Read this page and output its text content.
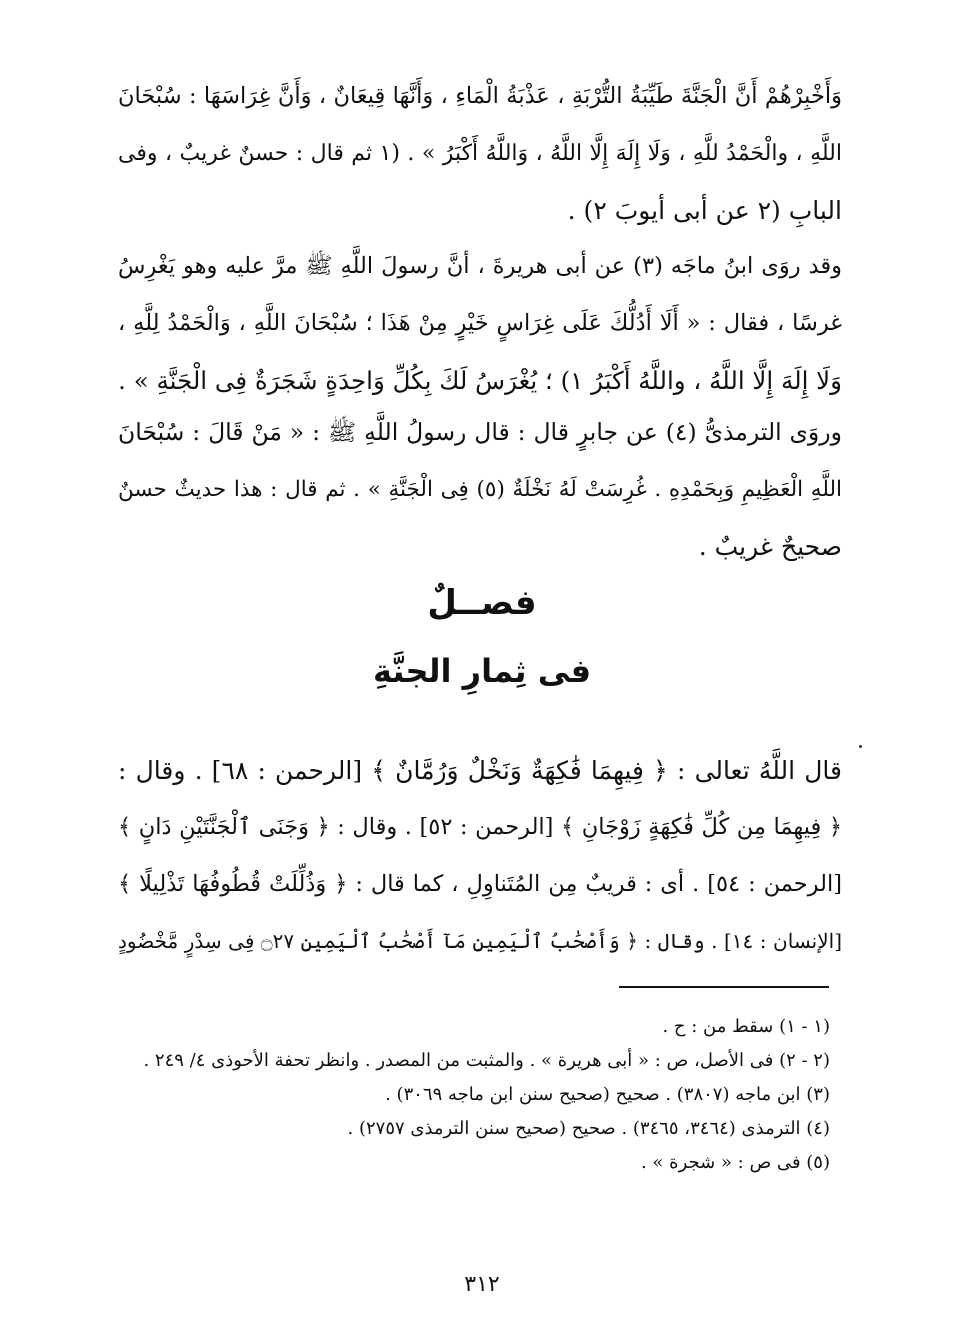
وَأَخْبِرْهُمْ أَنَّ الْجَنَّةَ طَيِّبَةُ التُّرْبَةِ ، عَذْبَةُ الْمَاءِ ، وَأَنَّهَا قِيعَانٌ ، وَأَنَّ غِرَاسَهَا : سُبْحَانَ
اللَّهِ ، والْحَمْدُ للَّهِ ، وَلَا إِلَهَ إِلَّا اللَّهُ ، وَاللَّهُ أَكْبَرُ » . (١ ثم قال : حسنٌ غريبٌ ، وفى
البابِ (٢ عن أبى أيوبَ ٢) .
وقد روَى ابنُ ماجَه (٣) عن أبى هريرةَ ، أنَّ رسولَ اللَّهِ ﷺ مرَّ عليه وهو يَغْرِسُ
غرسًا ، فقال : « أَلَا أَدُلُّكَ عَلَى غِرَاسٍ خَيْرٍ مِنْ هَذَا ؛ سُبْحَانَ اللَّهِ ، وَالْحَمْدُ لِلَّهِ ،
وَلَا إِلَهَ إِلَّا اللَّهُ ، واللَّهُ أَكْبَرُ ١) ؛ يُغْرَسُ لَكَ بِكُلِّ وَاحِدَةٍ شَجَرَةٌ فِى الْجَنَّةِ » .
وروَى الترمذىُّ (٤) عن جابرٍ قال : قال رسولُ اللَّهِ ﷺ : « مَنْ قَالَ : سُبْحَانَ
اللَّهِ الْعَظِيمِ وَبِحَمْدِهِ . غُرِسَتْ لَهُ نَخْلَةٌ (٥) فِى الْجَنَّةِ » . ثم قال : هذا حديثٌ حسنٌ
صحيحٌ غريبٌ .
فصــلٌ
فى ثِمارِ الجنَّةِ
قال اللَّهُ تعالى : ﴿ فِيهِمَا فَٰكِهَةٌ وَنَخْلٌ وَرُمَّانٌ ﴾ [الرحمن : ٦٨] . وقال :
﴿ فِيهِمَا مِن كُلِّ فَٰكِهَةٍ زَوْجَانِ ﴾ [الرحمن : ٥٢] . وقال : ﴿ وَجَنَى ٱلْجَنَّتَيْنِ دَانٍ ﴾
[الرحمن : ٥٤] . أى : قريبٌ مِن المُتَناوِلِ ، كما قال : ﴿ وَذُلِّلَتْ قُطُوفُهَا تَذْلِيلًا ﴾
[الإنسان : ١٤] . وقال : ﴿ وَأَصْحَٰبُ ٱلْيَمِينِ مَآ أَصْحَٰبُ ٱلْيَمِينِ ۝٢٧ فِى سِدْرٍ مَّخْضُودٍ
(١ - ١) سقط من : ح .
(٢ - ٢) فى الأصل، ص : « أبى هريرة » . والمثبت من المصدر . وانظر تحفة الأحوذى ٤/ ٢٤٩ .
(٣) ابن ماجه (٣٨٠٧) . صحيح (صحيح سنن ابن ماجه ٣٠٦٩) .
(٤) الترمذى (٣٤٦٤، ٣٤٦٥) . صحيح (صحيح سنن الترمذى ٢٧٥٧) .
(٥) فى ص : « شجرة » .
٣١٢
